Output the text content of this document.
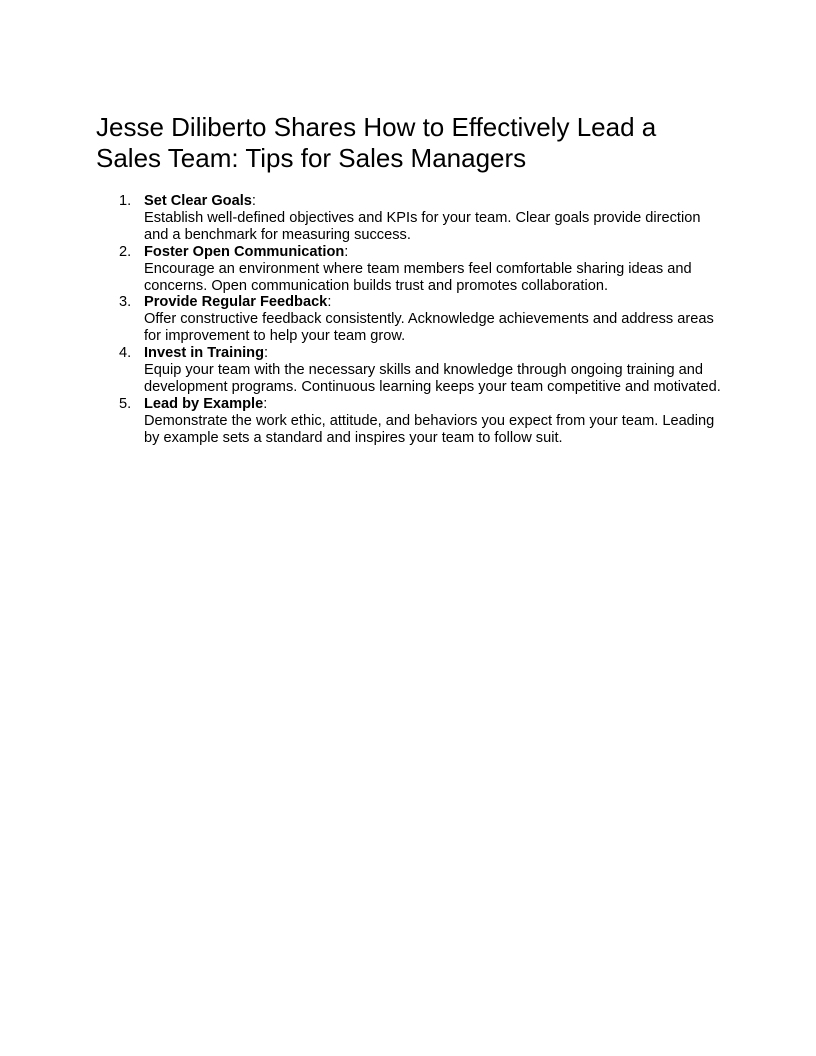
Jesse Diliberto Shares How to Effectively Lead a
Sales Team: Tips for Sales Managers
1. Set Clear Goals:
Establish well-defined objectives and KPIs for your team. Clear goals provide direction and a benchmark for measuring success.
2. Foster Open Communication:
Encourage an environment where team members feel comfortable sharing ideas and concerns. Open communication builds trust and promotes collaboration.
3. Provide Regular Feedback:
Offer constructive feedback consistently. Acknowledge achievements and address areas for improvement to help your team grow.
4. Invest in Training:
Equip your team with the necessary skills and knowledge through ongoing training and development programs. Continuous learning keeps your team competitive and motivated.
5. Lead by Example:
Demonstrate the work ethic, attitude, and behaviors you expect from your team. Leading by example sets a standard and inspires your team to follow suit.
